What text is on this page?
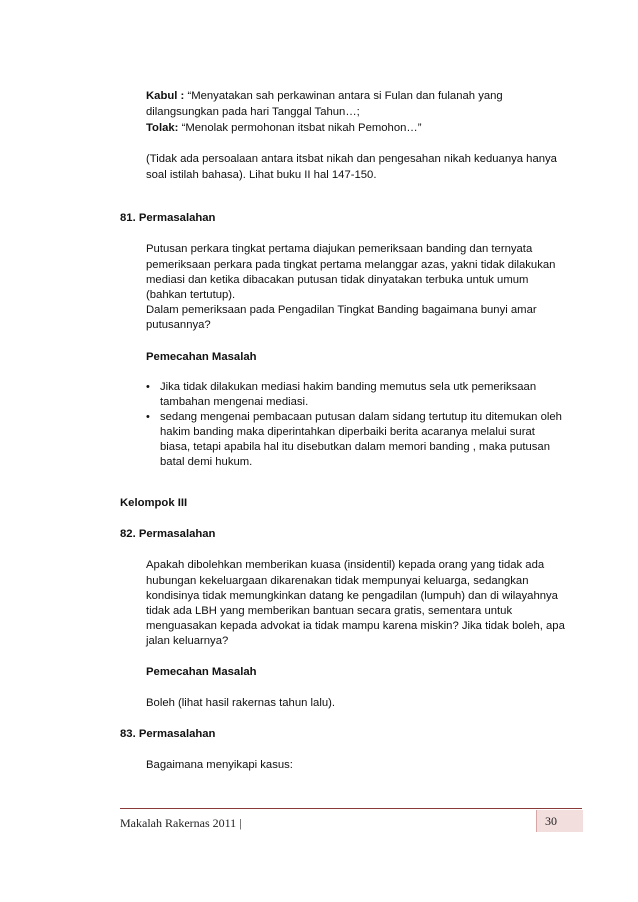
Kabul : “Menyatakan sah perkawinan antara si Fulan dan fulanah yang
dilangsungkan pada hari Tanggal Tahun…;
Tolak: “Menolak permohonan itsbat nikah Pemohon…”
(Tidak ada persoalaan antara itsbat nikah dan pengesahan nikah keduanya hanya
soal istilah bahasa). Lihat buku II hal 147-150.
81. Permasalahan
Putusan perkara tingkat pertama diajukan pemeriksaan banding dan ternyata
pemeriksaan perkara pada tingkat pertama melanggar azas, yakni tidak dilakukan
mediasi dan ketika dibacakan putusan tidak dinyatakan terbuka untuk umum
(bahkan tertutup).
Dalam pemeriksaan pada Pengadilan Tingkat Banding bagaimana bunyi amar
putusannya?
Pemecahan Masalah
• Jika tidak dilakukan mediasi hakim banding memutus sela utk pemeriksaan
tambahan mengenai mediasi.
• sedang mengenai pembacaan putusan dalam sidang tertutup itu ditemukan oleh
hakim banding maka diperintahkan diperbaiki berita acaranya melalui surat
biasa, tetapi apabila hal itu disebutkan dalam memori banding , maka putusan
batal demi hukum.
Kelompok III
82. Permasalahan
Apakah dibolehkan memberikan kuasa (insidentil) kepada orang yang tidak ada
hubungan kekeluargaan dikarenakan tidak mempunyai keluarga, sedangkan
kondisinya tidak memungkinkan datang ke pengadilan (lumpuh) dan di wilayahnya
tidak ada LBH yang memberikan bantuan secara gratis, sementara untuk
menguasakan kepada advokat ia tidak mampu karena miskin? Jika tidak boleh, apa
jalan keluarnya?
Pemecahan Masalah
Boleh (lihat hasil rakernas tahun lalu).
83. Permasalahan
Bagaimana menyikapi kasus:
Makalah Rakernas 2011 |	30
